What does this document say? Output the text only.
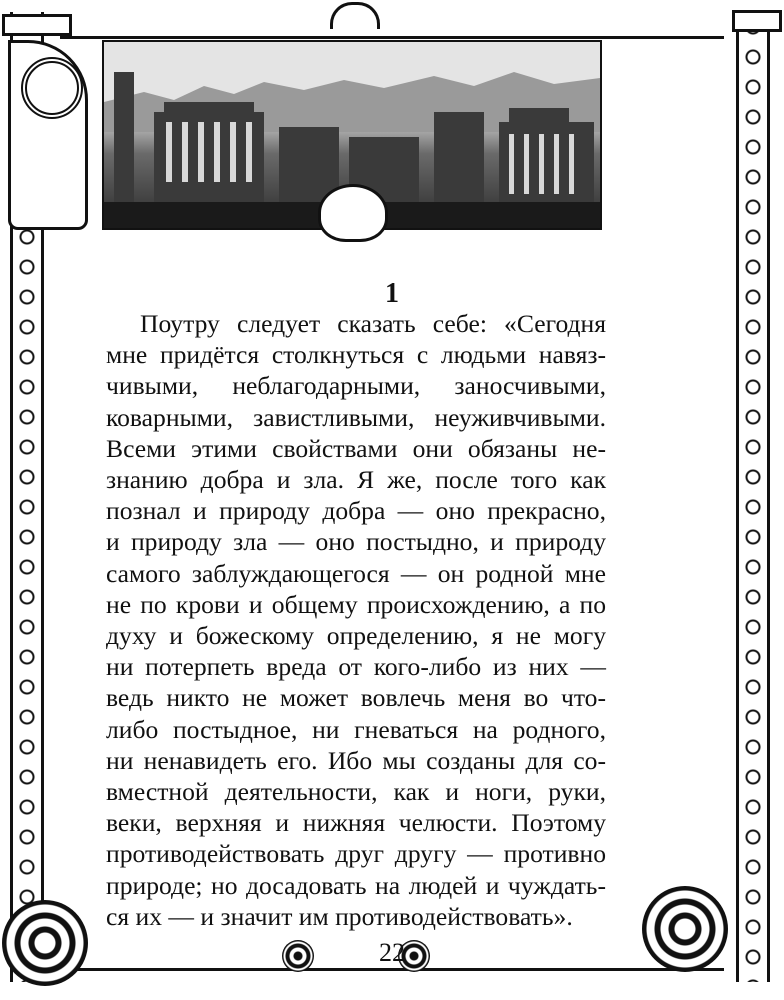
1
Поутру следует сказать себе: «Сегодня
мне придётся столкнуться с людьми навяз-
чивыми, неблагодарными, заносчивыми,
коварными, завистливыми, неуживчивыми.
Всеми этими свойствами они обязаны не-
знанию добра и зла. Я же, после того как
познал и природу добра — оно прекрасно,
и природу зла — оно постыдно, и природу
самого заблуждающегося — он родной мне
не по крови и общему происхождению, а по
духу и божескому определению, я не могу
ни потерпеть вреда от кого-либо из них —
ведь никто не может вовлечь меня во что-
либо постыдное, ни гневаться на родного,
ни ненавидеть его. Ибо мы созданы для со-
вместной деятельности, как и ноги, руки,
веки, верхняя и нижняя челюсти. Поэтому
противодействовать друг другу — противно
природе; но досадовать на людей и чуждать-
ся их — и значит им противодействовать».
22
